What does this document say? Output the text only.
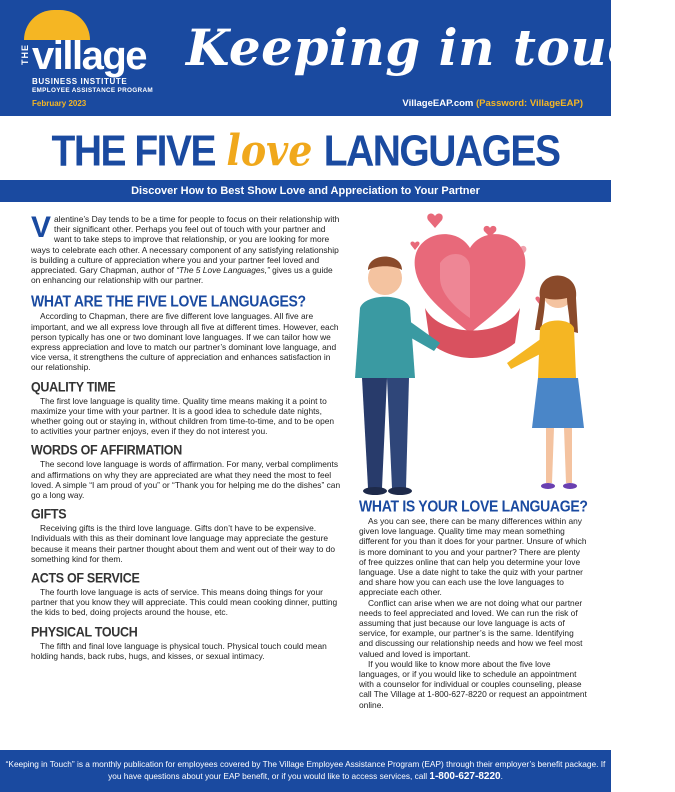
THE village
BUSINESS INSTITUTE
EMPLOYEE ASSISTANCE PROGRAM
February 2023
Keeping in touch
VillageEAP.com (Password: VillageEAP)
THE FIVE love LANGUAGES
Discover How to Best Show Love and Appreciation to Your Partner

Valentine’s Day tends to be a time for people to focus on their relationship with their significant other. Perhaps you feel out of touch with your partner and want to take steps to improve that relationship, or you are looking for more ways to celebrate each other. A necessary component of any satisfying relationship is building a culture of appreciation where you and your partner feel loved and appreciated. Gary Chapman, author of “The 5 Love Languages,” gives us a guide on enhancing our relationship with our partner.

WHAT ARE THE FIVE LOVE LANGUAGES?

According to Chapman, there are five different love languages. All five are important, and we all express love through all five at different times. However, each person typically has one or two dominant love languages. If we can tailor how we express appreciation and love to match our partner’s dominant love language, and vice versa, it strengthens the culture of appreciation and enhances satisfaction in our relationship.

QUALITY TIME

The first love language is quality time. Quality time means making it a point to maximize your time with your partner. It is a good idea to schedule date nights, whether going out or staying in, without children from time-to-time, and to be open to activities your partner enjoys, even if they do not interest you.

WORDS OF AFFIRMATION

The second love language is words of affirmation. For many, verbal compliments and affirmations on why they are appreciated are what they need the most to feel loved. A simple “I am proud of you” or “Thank you for helping me do the dishes” can go a long way.

GIFTS

Receiving gifts is the third love language. Gifts don’t have to be expensive. Individuals with this as their dominant love language may appreciate the gesture because it means their partner thought about them and went out of their way to do something kind for them.

ACTS OF SERVICE

The fourth love language is acts of service. This means doing things for your partner that you know they will appreciate. This could mean cooking dinner, putting the kids to bed, doing projects around the house, etc.

PHYSICAL TOUCH

The fifth and final love language is physical touch. Physical touch could mean holding hands, back rubs, hugs, and kisses, or sexual intimacy.

WHAT IS YOUR LOVE LANGUAGE?

As you can see, there can be many differences within any given love language. Quality time may mean something different for you than it does for your partner. Unsure of which is more dominant to you and your partner? There are plenty of free quizzes online that can help you determine your love language. Use a date night to take the quiz with your partner and share how you can each use the love languages to appreciate each other.

Conflict can arise when we are not doing what our partner needs to feel appreciated and loved. We can run the risk of assuming that just because our love language is acts of service, for example, our partner’s is the same. Identifying and discussing our relationship needs and how we feel most valued and loved is important.

If you would like to know more about the five love languages, or if you would like to schedule an appointment with a counselor for individual or couples counseling, please call The Village at 1-800-627-8220 or request an appointment online.

“Keeping in Touch” is a monthly publication for employees covered by The Village Employee Assistance Program (EAP) through their employer’s benefit package. If you have questions about your EAP benefit, or if you would like to access services, call 1-800-627-8220.
